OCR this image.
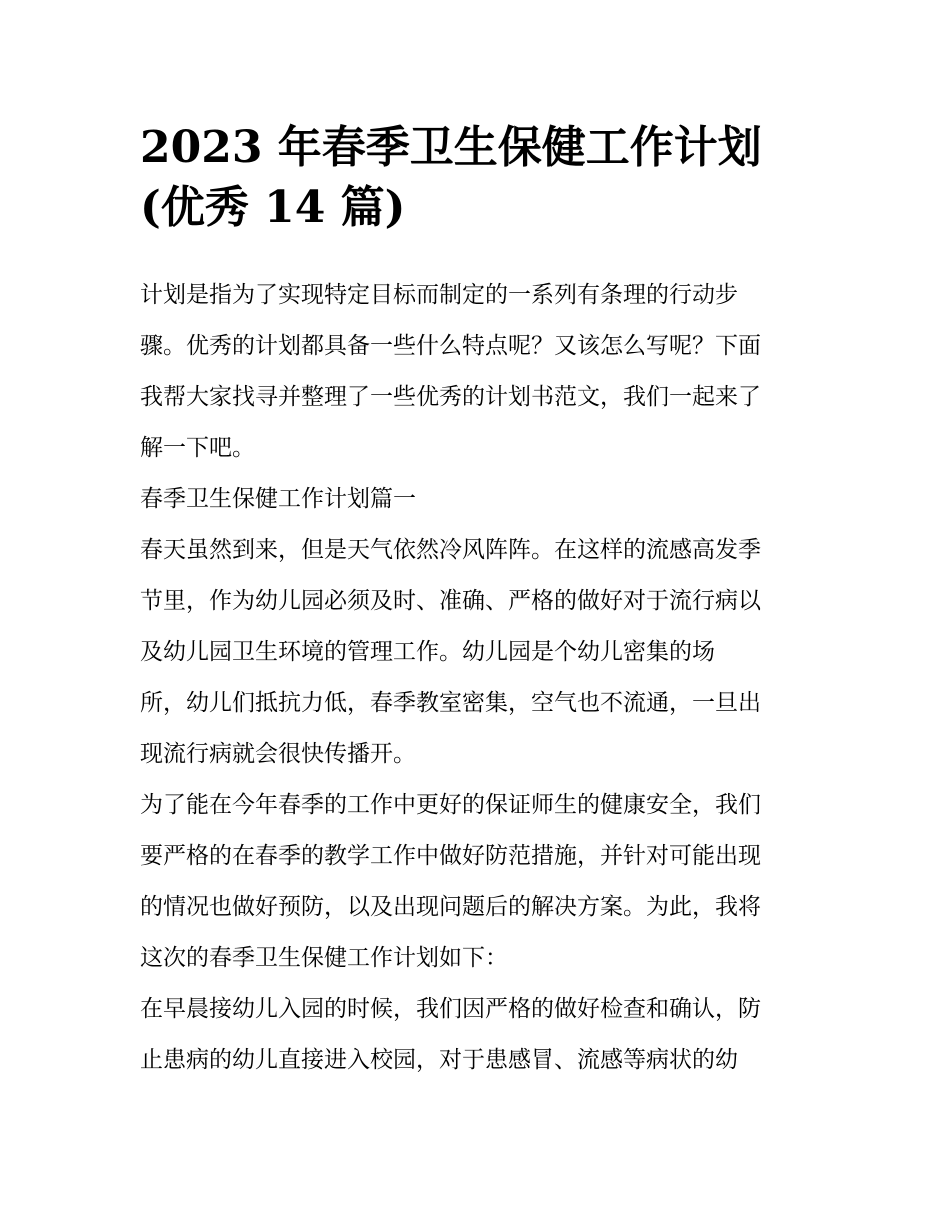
2023 年春季卫生保健工作计划
(优秀 14 篇)
计划是指为了实现特定目标而制定的一系列有条理的行动步
骤。优秀的计划都具备一些什么特点呢？又该怎么写呢？下面
我帮大家找寻并整理了一些优秀的计划书范文，我们一起来了
解一下吧。
春季卫生保健工作计划篇一
春天虽然到来，但是天气依然冷风阵阵。在这样的流感高发季
节里，作为幼儿园必须及时、准确、严格的做好对于流行病以
及幼儿园卫生环境的管理工作。幼儿园是个幼儿密集的场
所，幼儿们抵抗力低，春季教室密集，空气也不流通，一旦出
现流行病就会很快传播开。
为了能在今年春季的工作中更好的保证师生的健康安全，我们
要严格的在春季的教学工作中做好防范措施，并针对可能出现
的情况也做好预防，以及出现问题后的解决方案。为此，我将
这次的春季卫生保健工作计划如下：
在早晨接幼儿入园的时候，我们因严格的做好检查和确认，防
止患病的幼儿直接进入校园，对于患感冒、流感等病状的幼
